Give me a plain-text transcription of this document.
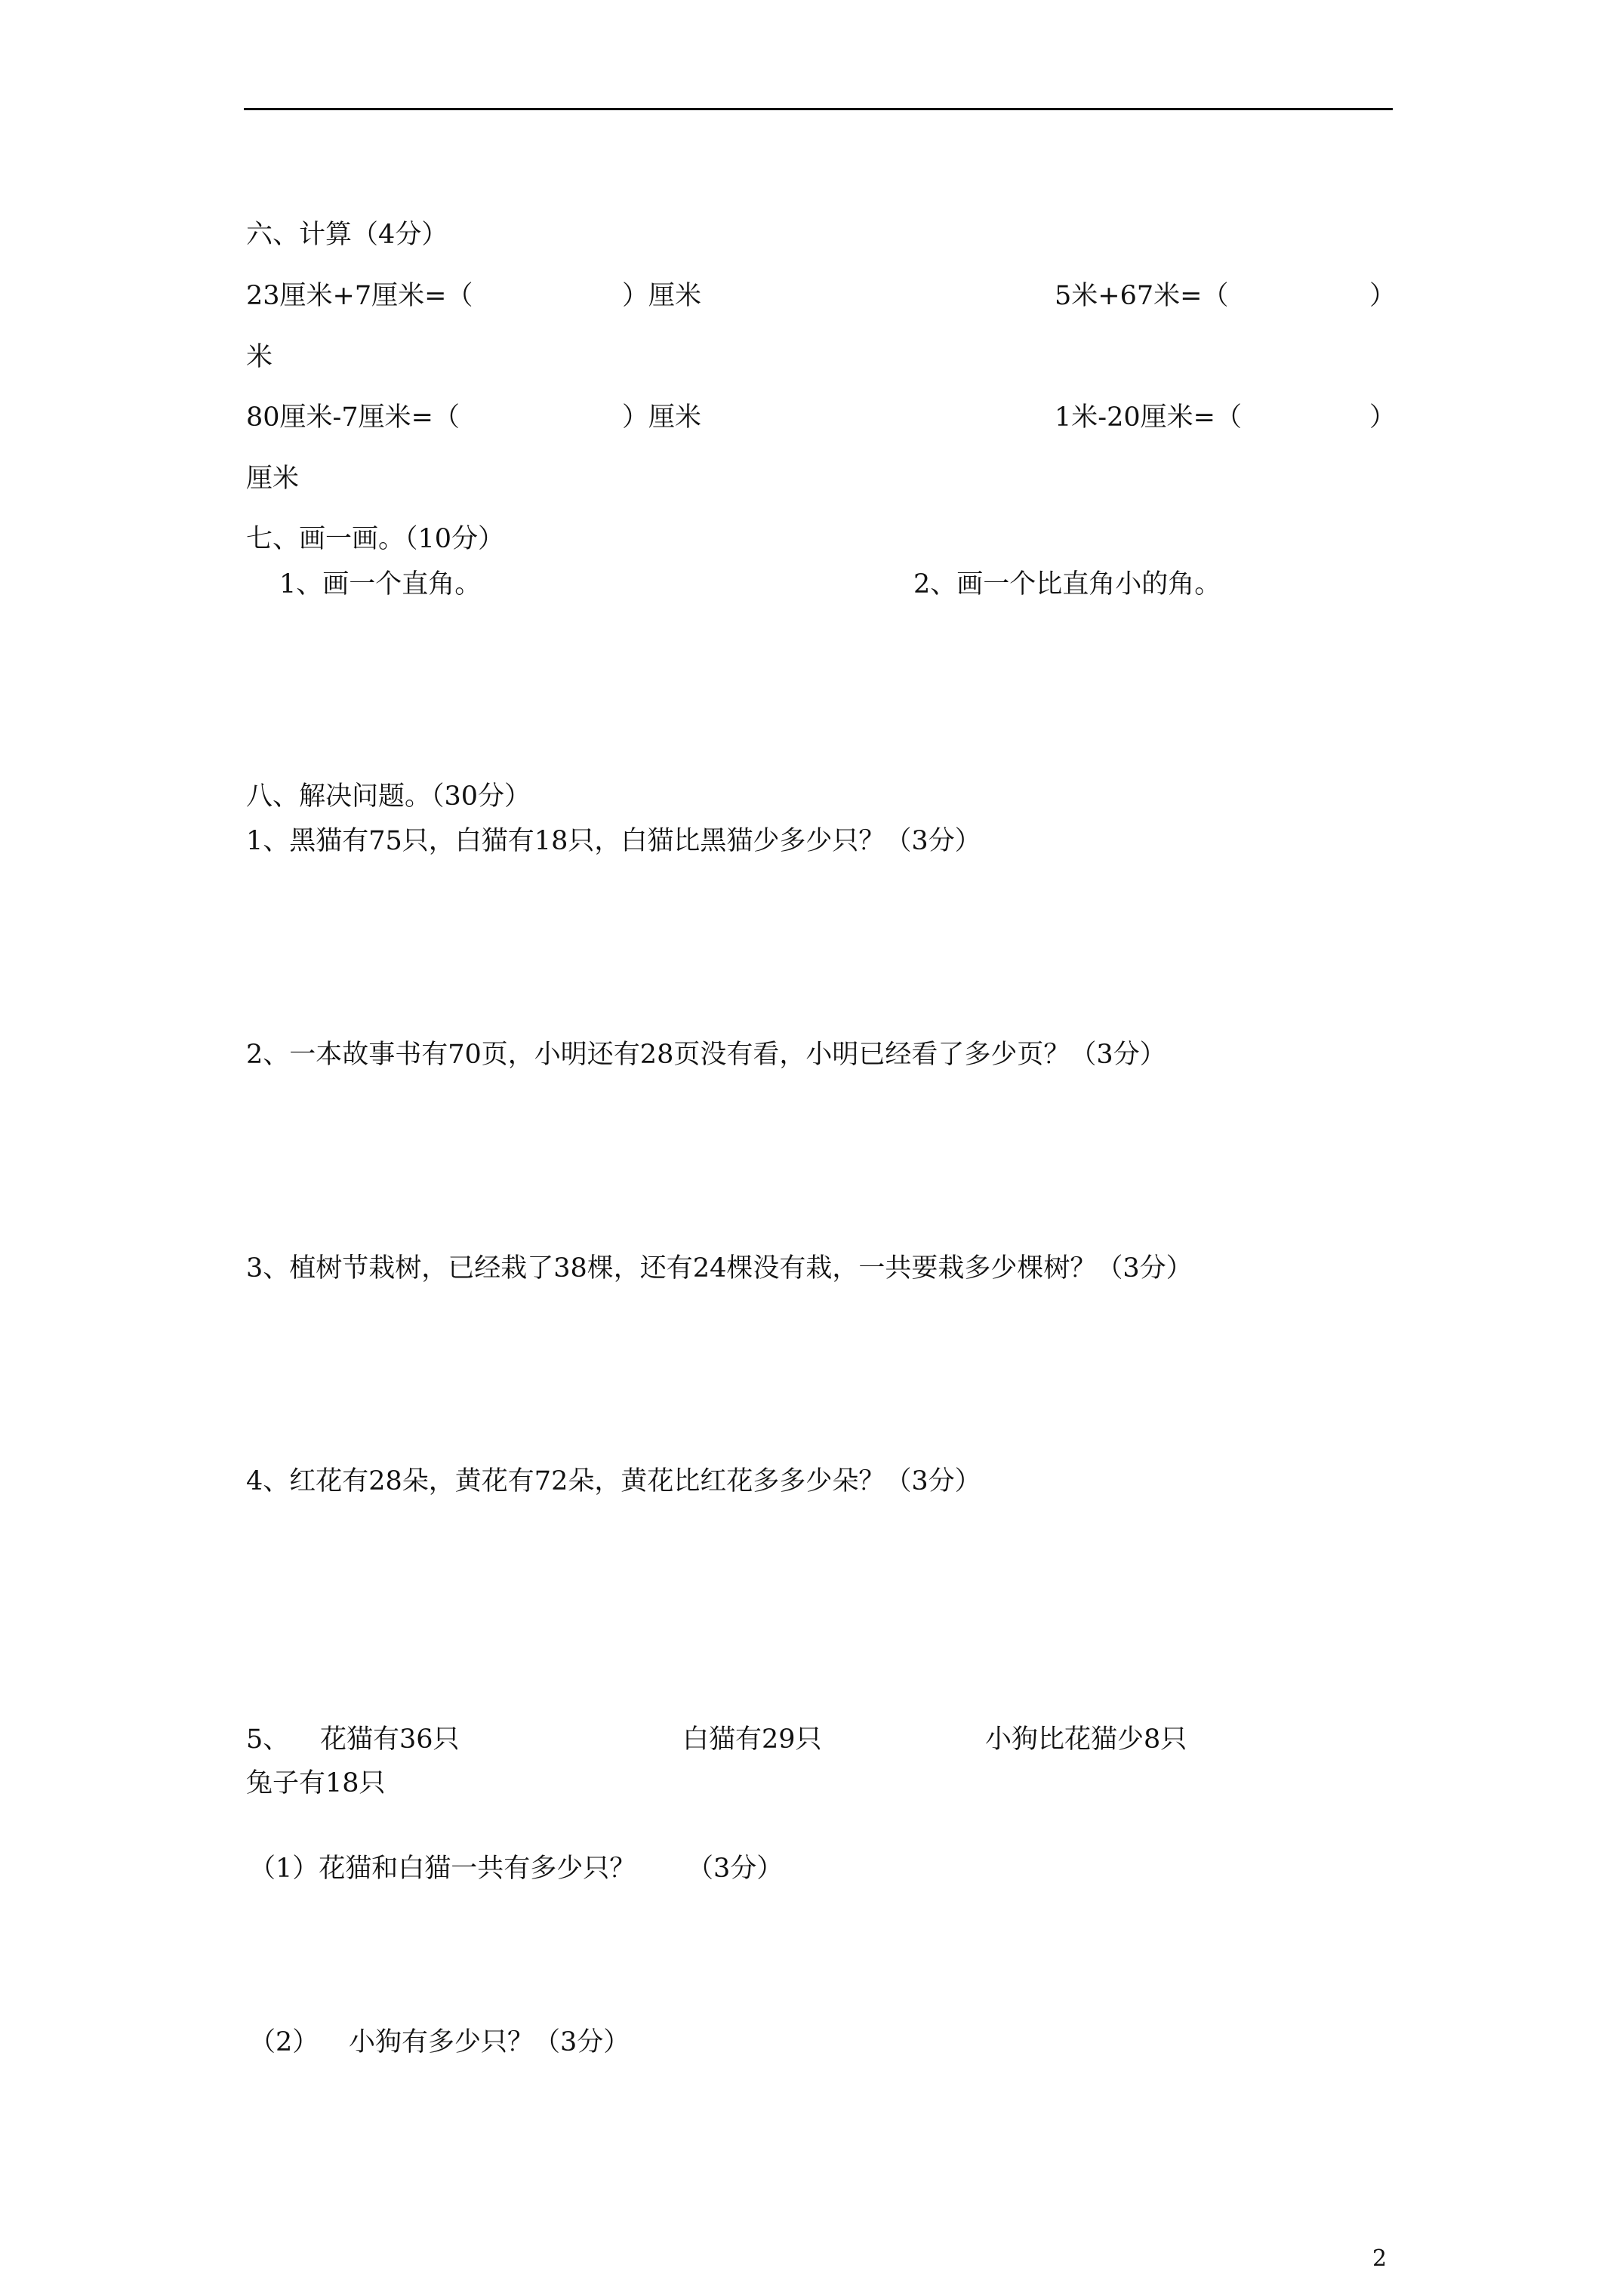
六、计算（4分）
23厘米+7厘米=（	）厘米	5米+67米=（	）
米
80厘米-7厘米=（	）厘米	1米-20厘米=（	）
厘米
七、画一画。（10分）
1、画一个直角。	2、画一个比直角小的角。
八、解决问题。（30分）
1、黑猫有75只，白猫有18只，白猫比黑猫少多少只？（3分）
2、一本故事书有70页，小明还有28页没有看，小明已经看了多少页？（3分）
3、植树节栽树，已经栽了38棵，还有24棵没有栽，一共要栽多少棵树？（3分）
4、红花有28朵，黄花有72朵，黄花比红花多多少朵？（3分）
5、 花猫有36只	白猫有29只	小狗比花猫少8只
兔子有18只
（1）花猫和白猫一共有多少只？ （3分）
（2） 小狗有多少只？（3分）
2
